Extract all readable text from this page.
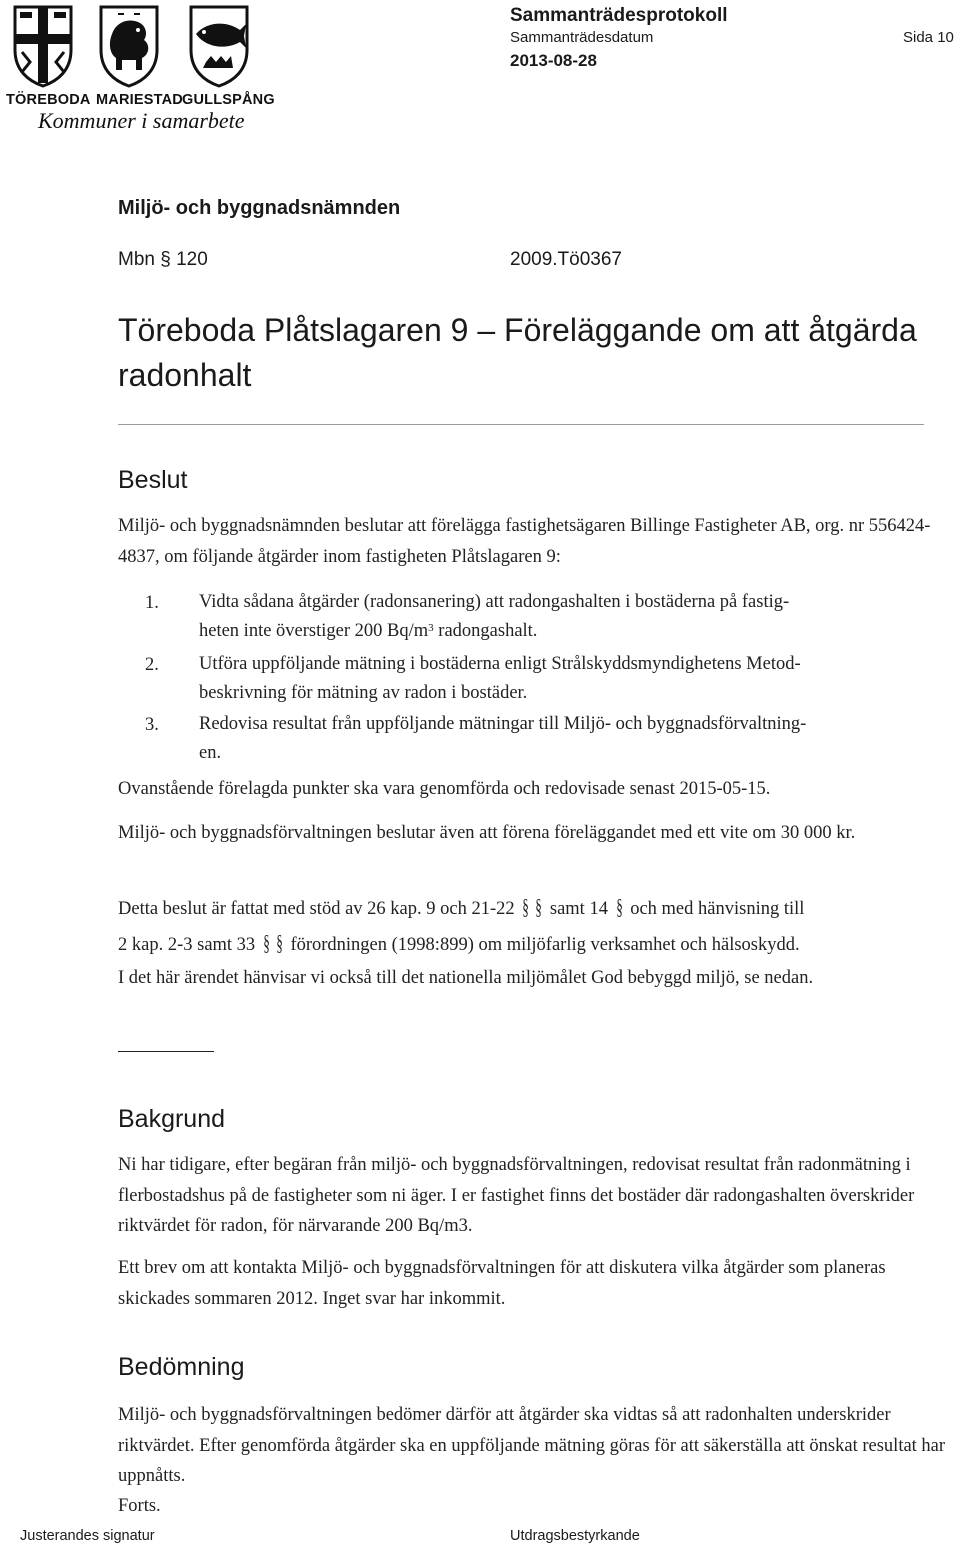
TÖREBODA MARIESTAD GULLSPÅNG
Kommuner i samarbete
Sammanträdesprotokoll
Sammanträdesdatum
2013-08-28
Sida 10
Miljö- och byggnadsnämnden
Mbn § 120	2009.Tö0367
Töreboda Plåtslagaren 9 – Föreläggande om att åtgärda radonhalt
Beslut
Miljö- och byggnadsnämnden beslutar att förelägga fastighetsägaren Billinge Fastigheter AB, org. nr 556424-4837, om följande åtgärder inom fastigheten Plåtslagaren 9:
1. Vidta sådana åtgärder (radonsanering) att radongashalten i bostäderna på fastig-
heten inte överstiger 200 $Bq/m^3$ radongashalt.
2. Utföra uppföljande mätning i bostäderna enligt Strålskyddsmyndighetens Metod-
beskrivning för mätning av radon i bostäder.
3. Redovisa resultat från uppföljande mätningar till Miljö- och byggnadsförvaltning-
en.
Ovanstående förelagda punkter ska vara genomförda och redovisade senast 2015-05-15.
Miljö- och byggnadsförvaltningen beslutar även att förena föreläggandet med ett vite om 30 000 kr.
Detta beslut är fattat med stöd av 26 kap. 9 och 21-22 § § samt 14 § och med hänvisning till
2 kap. 2-3 samt 33 § § förordningen (1998:899) om miljöfarlig verksamhet och hälsoskydd.
I det här ärendet hänvisar vi också till det nationella miljömålet God bebyggd miljö, se nedan.
Bakgrund
Ni har tidigare, efter begäran från miljö- och byggnadsförvaltningen, redovisat resultat från radonmätning i flerbostadshus på de fastigheter som ni äger. I er fastighet finns det bostäder där radongashalten överskrider riktvärdet för radon, för närvarande 200 Bq/m3.
Ett brev om att kontakta Miljö- och byggnadsförvaltningen för att diskutera vilka åtgärder som planeras skickades sommaren 2012. Inget svar har inkommit.
Bedömning
Miljö- och byggnadsförvaltningen bedömer därför att åtgärder ska vidtas så att radonhalten underskrider riktvärdet. Efter genomförda åtgärder ska en uppföljande mätning göras för att säkerställa att önskat resultat har uppnåtts.
Forts.
Justerandes signatur	Utdragsbestyrkande
